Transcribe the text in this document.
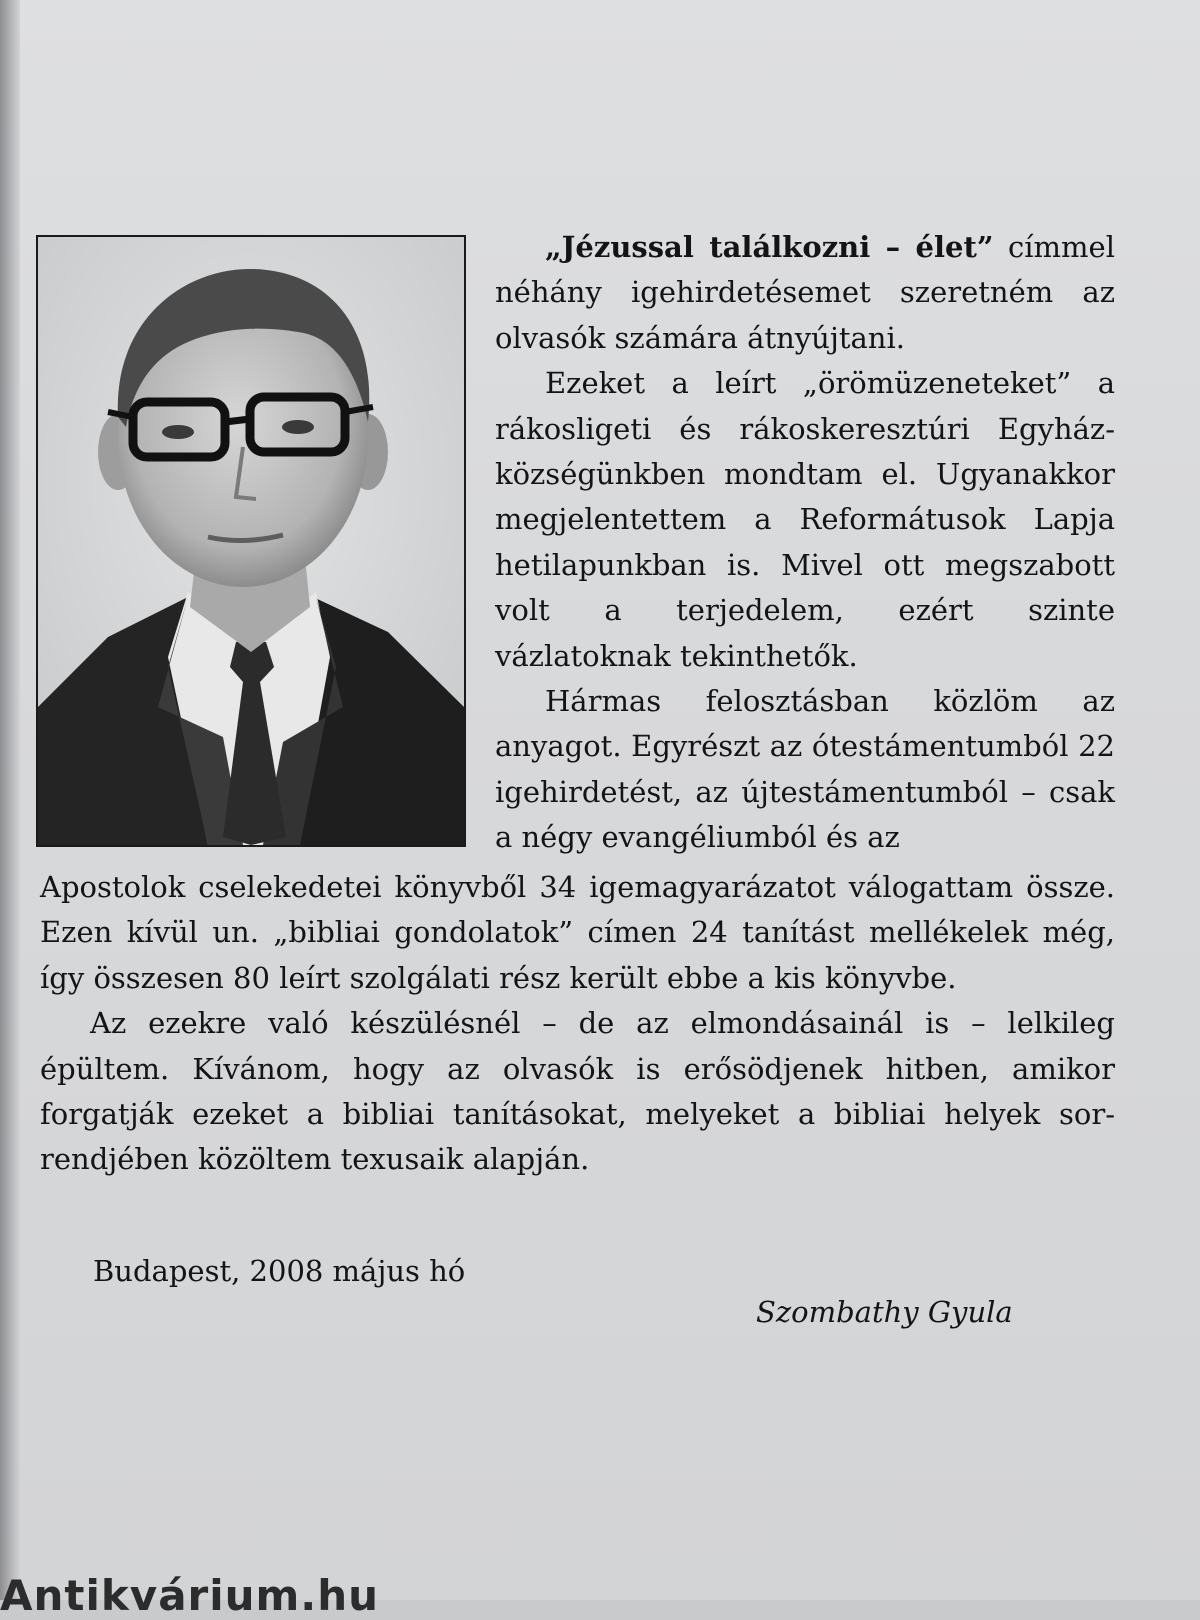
„Jézussal találkozni – élet” címmel néhány igehirdetésemet szeretném az olvasók számára átnyújtani.

Ezeket a leírt „örömüzeneteket” a rákosligeti és rákoskeresztúri Egyházközségünkben mondtam el. Ugyanakkor megjelentettem a Reformátusok Lapja hetilapunkban is. Mivel ott megszabott volt a terjedelem, ezért szinte vázlatoknak tekinthetők.

Hármas felosztásban közlöm az anyagot. Egyrészt az ótestámentumból 22 igehirdetést, az újtestámentumból – csak a négy evangéliumból és az

Apostolok cselekedetei könyvből 34 igemagyarázatot válogattam össze. Ezen kívül un. „bibliai gondolatok” címen 24 tanítást mellékelek még, így összesen 80 leírt szolgálati rész került ebbe a kis könyvbe.

Az ezekre való készülésnél – de az elmondásainál is – lelkileg épültem. Kívánom, hogy az olvasók is erősödjenek hitben, amikor forgatják ezeket a bibliai tanításokat, melyeket a bibliai helyek sorrendjében közöltem texusaik alapján.

Budapest, 2008 május hó
Szombathy Gyula
Antikvárium.hu
